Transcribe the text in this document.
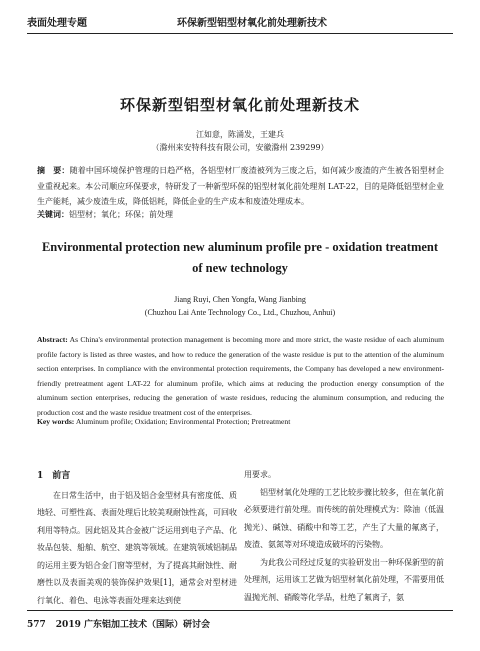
表面处理专题	环保新型铝型材氧化前处理新技术
环保新型铝型材氧化前处理新技术
江如意，陈涌发，王建兵
（滁州来安特科技有限公司，安徽滁州 239299）
摘　要：随着中国环境保护管理的日趋严格，各铝型材厂废渣被列为三废之后，如何减少废渣的产生被各铝型材企业重视起来。本公司顺应环保要求，特研发了一种新型环保的铝型材氧化前处理剂 LAT-22，目的是降低铝型材企业生产能耗，减少废渣生成，降低铝耗，降低企业的生产成本和废渣处理成本。
关键词：铝型材；氧化；环保；前处理
Environmental protection new aluminum profile pre - oxidation treatment of new technology
Jiang Ruyi, Chen Yongfa, Wang Jianbing
(Chuzhou Lai Ante Technology Co., Ltd., Chuzhou, Anhui)
Abstract: As China's environmental protection management is becoming more and more strict, the waste residue of each aluminum profile factory is listed as three wastes, and how to reduce the generation of the waste residue is put to the attention of the aluminum section enterprises. In compliance with the environmental protection requirements, the Company has developed a new environment-friendly pretreatment agent LAT-22 for aluminum profile, which aims at reducing the production energy consumption of the aluminum section enterprises, reducing the generation of waste residues, reducing the aluminum consumption, and reducing the production cost and the waste residue treatment cost of the enterprises.
Key words: Aluminum profile; Oxidation; Environmental Protection; Pretreatment
1　前言
在日常生活中，由于铝及铝合金型材具有密度低、质地轻、可塑性高、表面处理后比较美观耐蚀性高，可回收利用等特点。因此铝及其合金被广泛运用到电子产品、化妆品包装、船舶、航空、建筑等领域。在建筑领域铝制品的运用主要为铝合金门窗等型材，为了提高其耐蚀性、耐磨性以及表面美观的装饰保护效果[1]，通常会对型材进行氧化、着色、电泳等表面处理来达到使
用要求。
铝型材氧化处理的工艺比较步骤比较多，但在氧化前必须要进行前处理。而传统的前处理模式为：除油（低温抛光）、碱蚀、硝酸中和等工艺，产生了大量的氟离子，废渣、氨氮等对环境造成破坏的污染物。
为此我公司经过反复的实验研发出一种环保新型的前处理剂，运用该工艺做为铝型材氧化前处理，不需要用低温抛光剂、硝酸等化学品，杜绝了氟离子，氨
577 2019 广东铝加工技术（国际）研讨会
